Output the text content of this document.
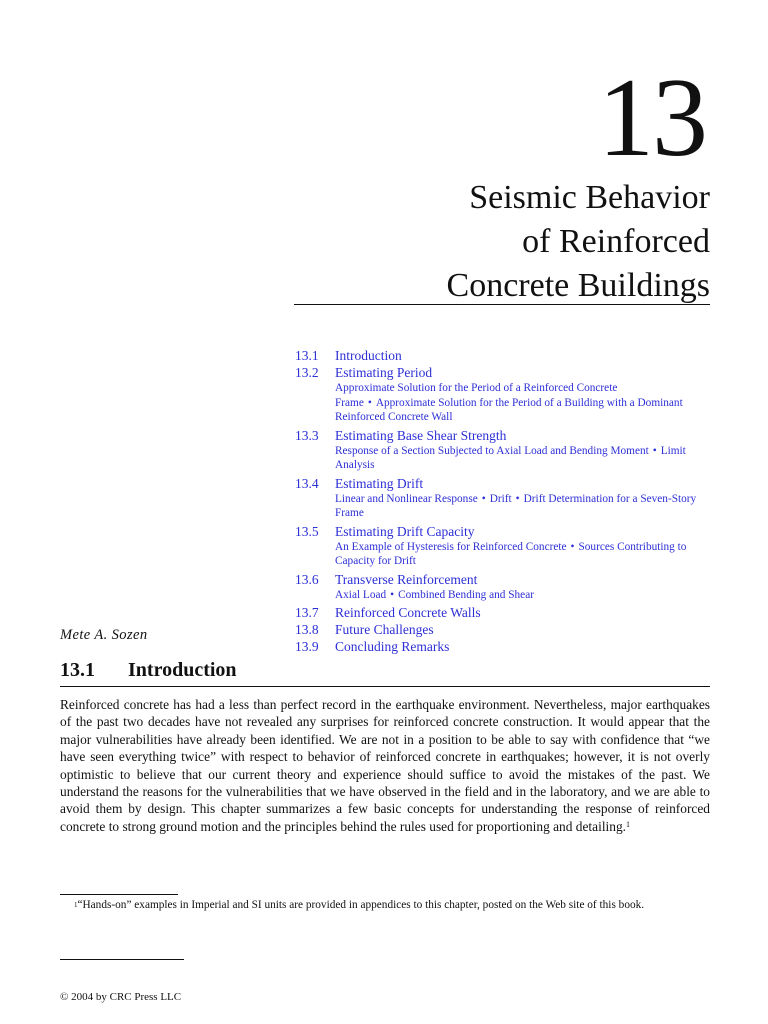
13
Seismic Behavior
of Reinforced
Concrete Buildings
13.1	Introduction
13.2	Estimating Period
Approximate Solution for the Period of a Reinforced Concrete Frame • Approximate Solution for the Period of a Building with a Dominant Reinforced Concrete Wall
13.3	Estimating Base Shear Strength
Response of a Section Subjected to Axial Load and Bending Moment • Limit Analysis
13.4	Estimating Drift
Linear and Nonlinear Response • Drift • Drift Determination for a Seven-Story Frame
13.5	Estimating Drift Capacity
An Example of Hysteresis for Reinforced Concrete • Sources Contributing to Capacity for Drift
13.6	Transverse Reinforcement
Axial Load • Combined Bending and Shear
13.7	Reinforced Concrete Walls
13.8	Future Challenges
13.9	Concluding Remarks
Mete A. Sozen
13.1 Introduction

Reinforced concrete has had a less than perfect record in the earthquake environment. Nevertheless, major earthquakes of the past two decades have not revealed any surprises for reinforced concrete construction. It would appear that the major vulnerabilities have already been identified. We are not in a position to be able to say with confidence that “we have seen everything twice” with respect to behavior of reinforced concrete in earthquakes; however, it is not overly optimistic to believe that our current theory and experience should suffice to avoid the mistakes of the past. We understand the reasons for the vulnerabilities that we have observed in the field and in the laboratory, and we are able to avoid them by design. This chapter summarizes a few basic concepts for understanding the response of reinforced concrete to strong ground motion and the principles behind the rules used for proportioning and detailing.$^1$

$^1$“Hands-on” examples in Imperial and SI units are provided in appendices to this chapter, posted on the Web site of this book.

© 2004 by CRC Press LLC
